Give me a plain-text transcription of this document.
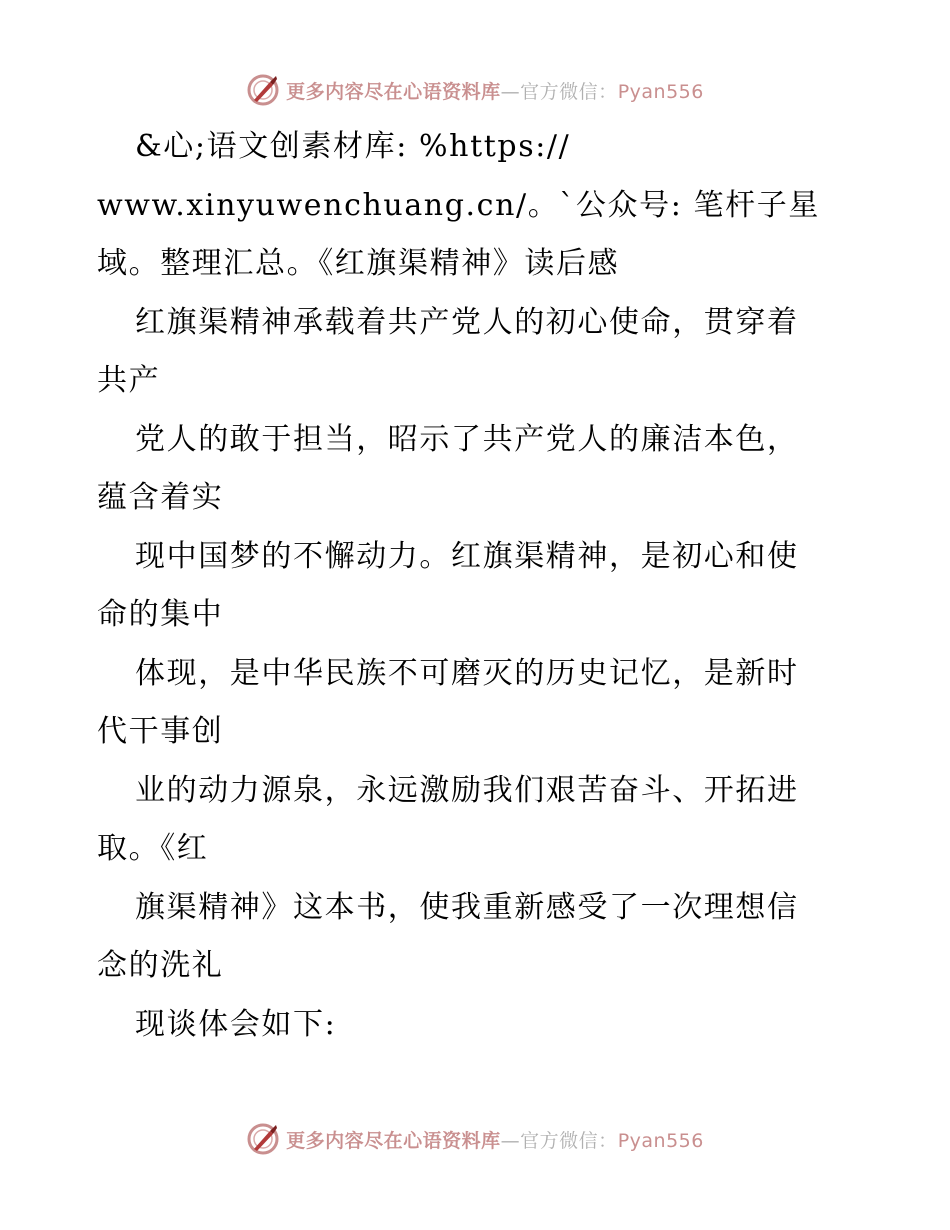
更多内容尽在心语资料库—官方微信：Pyan556
&心;语文创素材库: %https://
www.xinyuwenchuang.cn/。`公众号: 笔杆子星
域。整理汇总。《红旗渠精神》读后感
红旗渠精神承载着共产党人的初心使命，贯穿着
共产
党人的敢于担当，昭示了共产党人的廉洁本色，
蕴含着实
现中国梦的不懈动力。红旗渠精神，是初心和使
命的集中
体现，是中华民族不可磨灭的历史记忆，是新时
代干事创
业的动力源泉，永远激励我们艰苦奋斗、开拓进
取。《红
旗渠精神》这本书，使我重新感受了一次理想信
念的洗礼
现谈体会如下:
更多内容尽在心语资料库—官方微信：Pyan556
